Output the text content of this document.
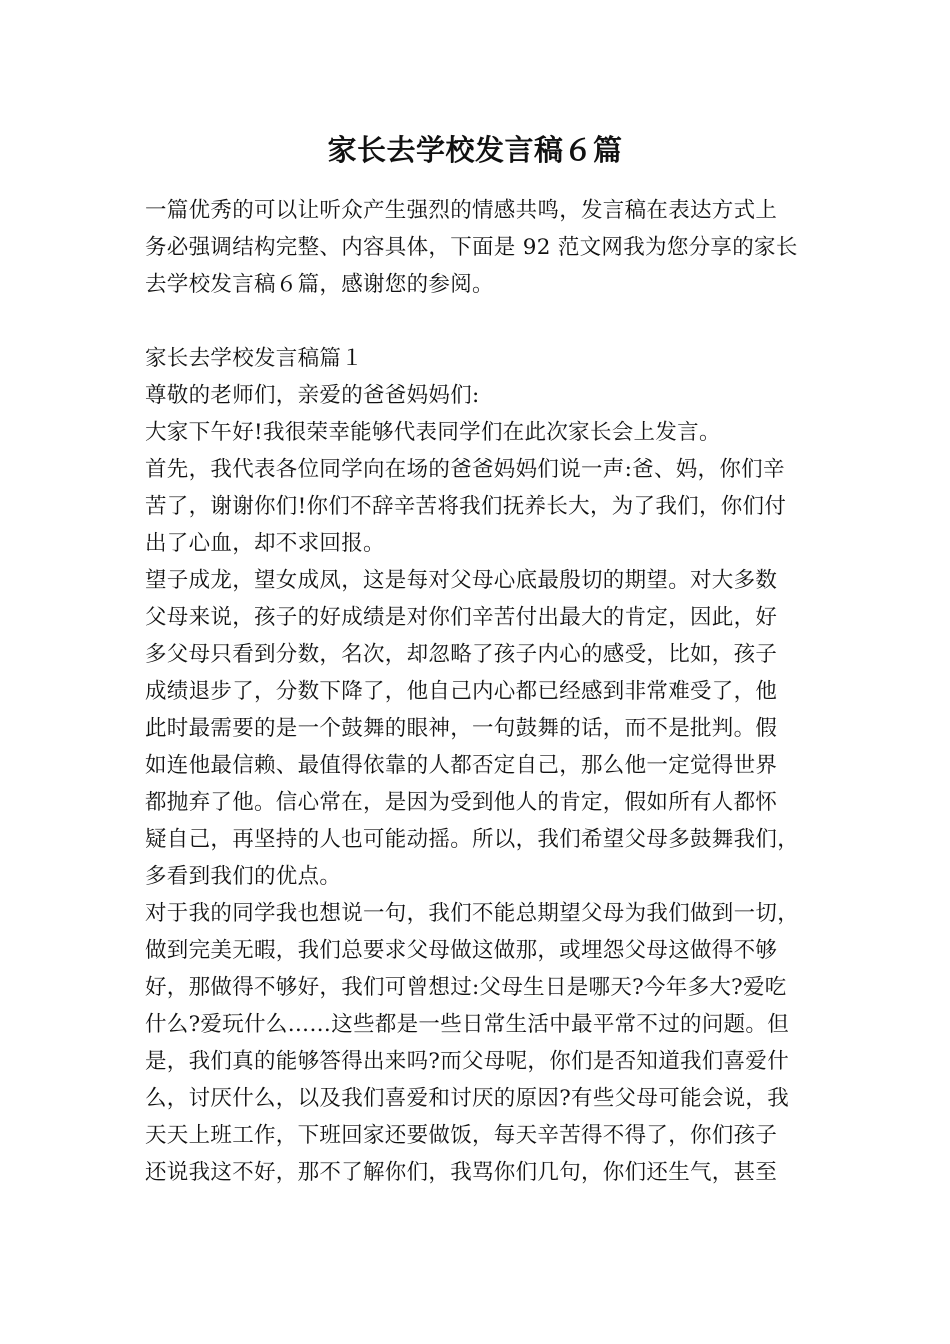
家长去学校发言稿６篇
一篇优秀的可以让听众产生强烈的情感共鸣，发言稿在表达方式上
务必强调结构完整、内容具体，下面是 92 范文网我为您分享的家长
去学校发言稿６篇，感谢您的参阅。
家长去学校发言稿篇１
尊敬的老师们，亲爱的爸爸妈妈们:
大家下午好!我很荣幸能够代表同学们在此次家长会上发言。
首先，我代表各位同学向在场的爸爸妈妈们说一声:爸、妈，你们辛
苦了，谢谢你们!你们不辞辛苦将我们抚养长大，为了我们，你们付
出了心血，却不求回报。
望子成龙，望女成凤，这是每对父母心底最殷切的期望。对大多数
父母来说，孩子的好成绩是对你们辛苦付出最大的肯定，因此，好
多父母只看到分数，名次，却忽略了孩子内心的感受，比如，孩子
成绩退步了，分数下降了，他自己内心都已经感到非常难受了，他
此时最需要的是一个鼓舞的眼神，一句鼓舞的话，而不是批判。假
如连他最信赖、最值得依靠的人都否定自己，那么他一定觉得世界
都抛弃了他。信心常在，是因为受到他人的肯定，假如所有人都怀
疑自己，再坚持的人也可能动摇。所以，我们希望父母多鼓舞我们，
多看到我们的优点。
对于我的同学我也想说一句，我们不能总期望父母为我们做到一切，
做到完美无暇，我们总要求父母做这做那，或埋怨父母这做得不够
好，那做得不够好，我们可曾想过:父母生日是哪天?今年多大?爱吃
什么?爱玩什么……这些都是一些日常生活中最平常不过的问题。但
是，我们真的能够答得出来吗?而父母呢，你们是否知道我们喜爱什
么，讨厌什么，以及我们喜爱和讨厌的原因?有些父母可能会说，我
天天上班工作，下班回家还要做饭，每天辛苦得不得了，你们孩子
还说我这不好，那不了解你们，我骂你们几句，你们还生气，甚至
